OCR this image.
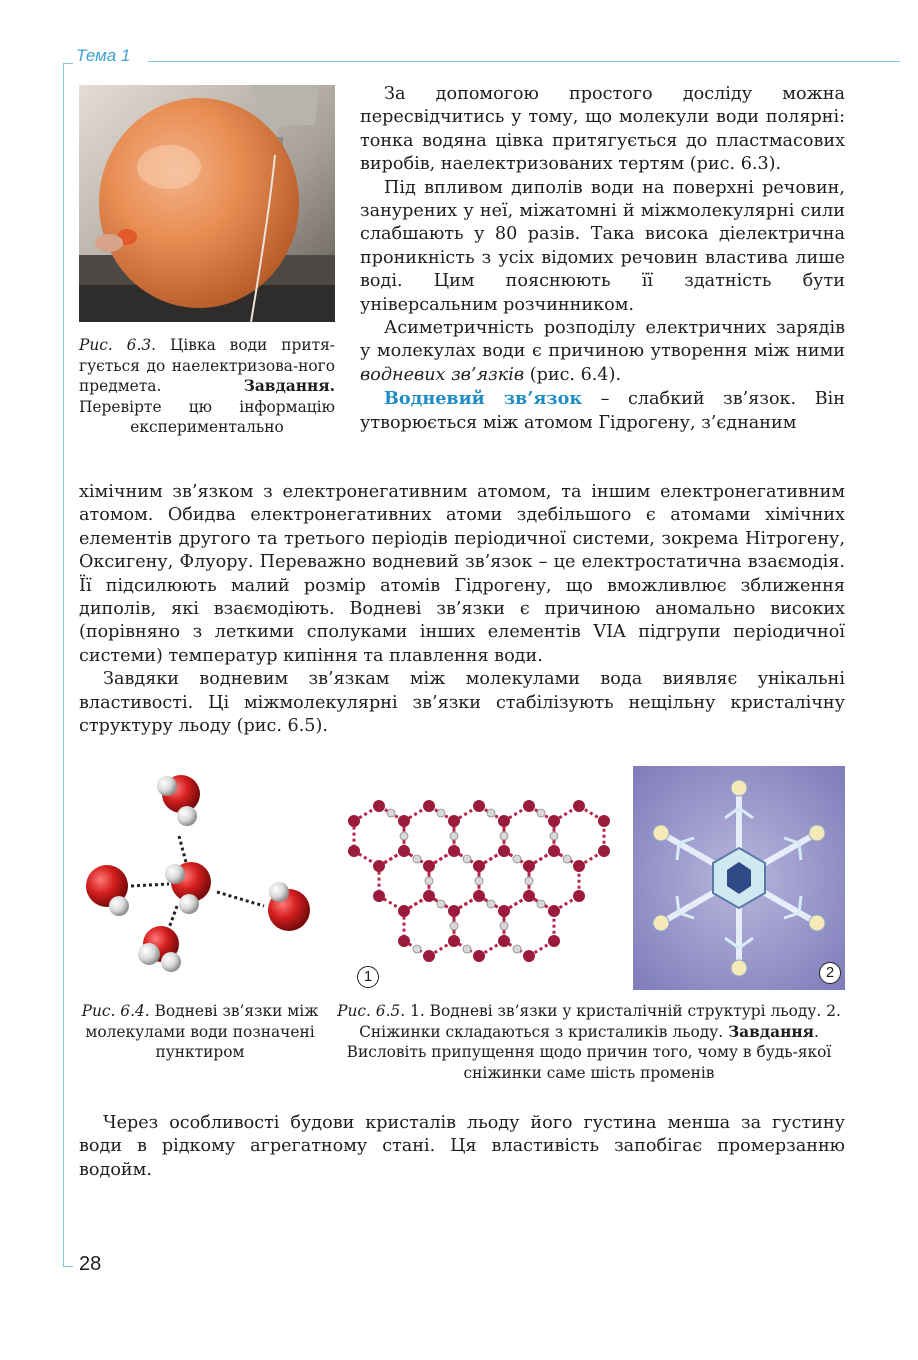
Тема 1
Рис. 6.3. Цівка води притя-гується до наелектризова-ного предмета.	Завдання. Перевірте цю інформацію експериментально

За допомогою простого досліду можна пересвідчитись у тому, що молекули води полярні: тонка водяна цівка притягується до пластмасових виробів, наелектризованих тертям (рис. 6.3).

Під впливом диполів води на поверхні речовин, занурених у неї, міжатомні й міжмолекулярні сили слабшають у 80 разів. Така висока діелектрична проникність з усіх відомих речовин властива лише воді. Цим пояснюють її здатність бути універсальним розчинником.

Асиметричність розподілу електричних зарядів у молекулах води є причиною утворення між ними водневих зв’язків (рис. 6.4).

Водневий зв’язок – слабкий зв’язок. Він утворюється між атомом Гідрогену, з’єднаним

хімічним зв’язком з електронегативним атомом, та іншим електронегативним атомом. Обидва електронегативних атоми здебільшого є атомами хімічних елементів другого та третього періодів періодичної системи, зокрема Нітрогену, Оксигену, Флуору. Переважно водневий зв’язок – це електростатична взаємодія. Її підсилюють малий розмір атомів Гідрогену, що вможливлює зближення диполів, які взаємодіють. Водневі зв’язки є причиною аномально високих (порівняно з леткими сполуками інших елементів VIA підгрупи періодичної системи) температур кипіння та плавлення води.

Завдяки водневим зв’язкам між молекулами вода виявляє унікальні властивості. Ці міжмолекулярні зв’язки стабілізують нещільну кристалічну структуру льоду (рис. 6.5).

1	2
Рис. 6.4. Водневі зв’язки між молекулами води позначені пунктиром
Рис. 6.5. 1. Водневі зв’язки у кристалічній структурі льоду. 2. Сніжинки складаються з кристаликів льоду. Завдання. Висловіть припущення щодо причин того, чому в будь-якої сніжинки саме шість променів

Через особливості будови кристалів льоду його густина менша за густину води в рідкому агрегатному стані. Ця властивість запобігає промерзанню водойм.

28
